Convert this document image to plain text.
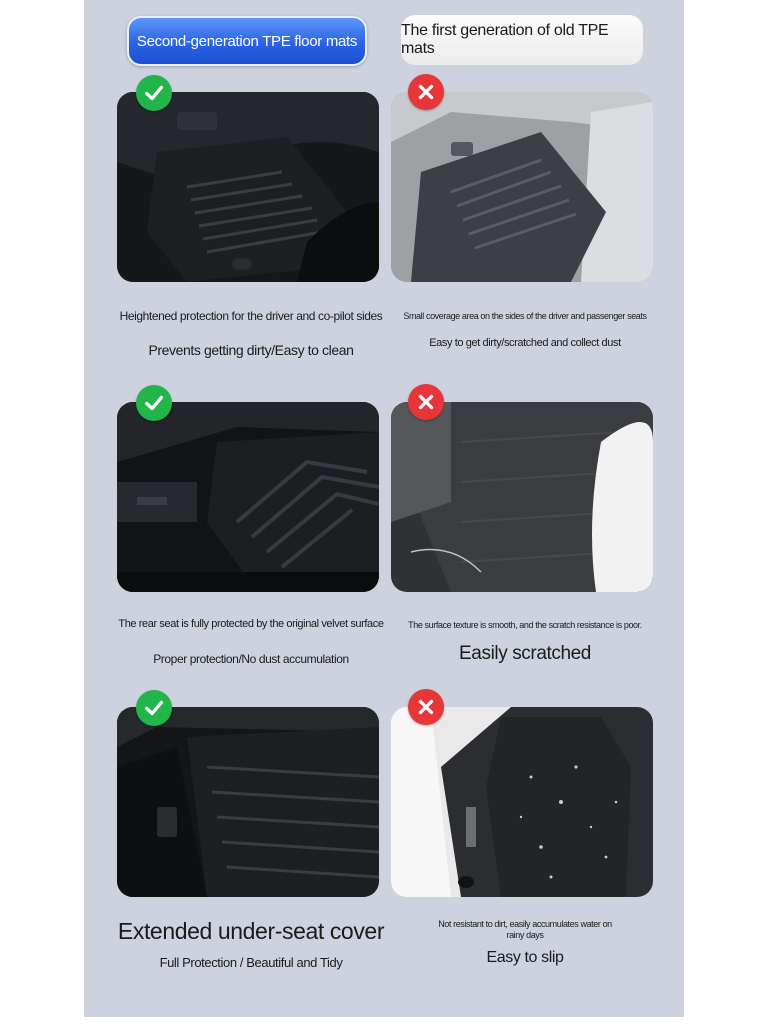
Second-generation TPE floor mats
The first generation of old TPE mats
Heightened protection for the driver and co-pilot sides
Prevents getting dirty/Easy to clean
Small coverage area on the sides of the driver and passenger seats
Easy to get dirty/scratched and collect dust
The rear seat is fully protected by the original velvet surface
Proper protection/No dust accumulation
The surface texture is smooth, and the scratch resistance is poor.
Easily scratched
Extended under-seat cover
Full Protection / Beautiful and Tidy
Not resistant to dirt, easily accumulates water on rainy days
Easy to slip
